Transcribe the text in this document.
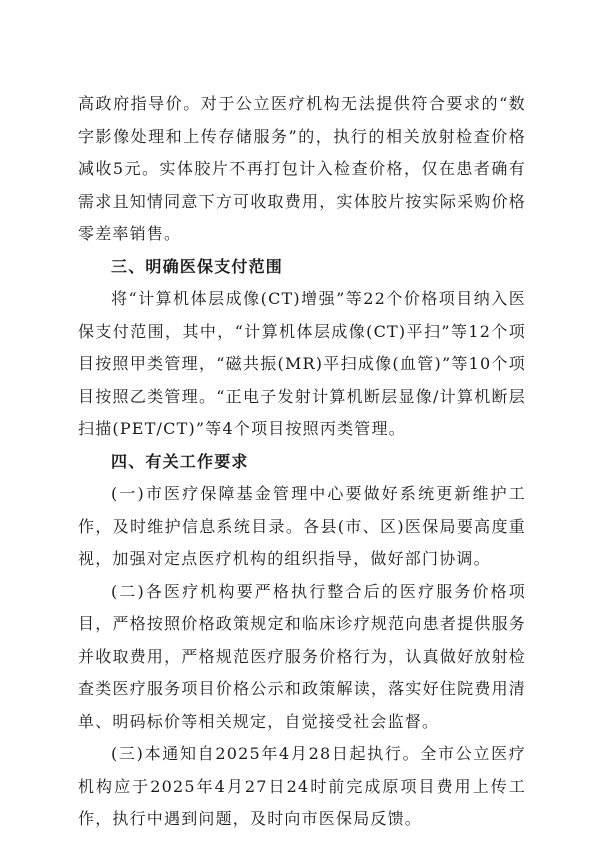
高政府指导价。对于公立医疗机构无法提供符合要求的“数字影像处理和上传存储服务”的，执行的相关放射检查价格减收5元。实体胶片不再打包计入检查价格，仅在患者确有需求且知情同意下方可收取费用，实体胶片按实际采购价格零差率销售。

三、明确医保支付范围

将“计算机体层成像(CT)增强”等22个价格项目纳入医保支付范围，其中，“计算机体层成像(CT)平扫”等12个项目按照甲类管理，“磁共振(MR)平扫成像(血管)”等10个项目按照乙类管理。“正电子发射计算机断层显像/计算机断层扫描(PET/CT)”等4个项目按照丙类管理。

四、有关工作要求

(一)市医疗保障基金管理中心要做好系统更新维护工作，及时维护信息系统目录。各县(市、区)医保局要高度重视，加强对定点医疗机构的组织指导，做好部门协调。

(二)各医疗机构要严格执行整合后的医疗服务价格项目，严格按照价格政策规定和临床诊疗规范向患者提供服务并收取费用，严格规范医疗服务价格行为，认真做好放射检查类医疗服务项目价格公示和政策解读，落实好住院费用清单、明码标价等相关规定，自觉接受社会监督。

(三)本通知自2025年4月28日起执行。全市公立医疗机构应于2025年4月27日24时前完成原项目费用上传工作，执行中遇到问题，及时向市医保局反馈。
